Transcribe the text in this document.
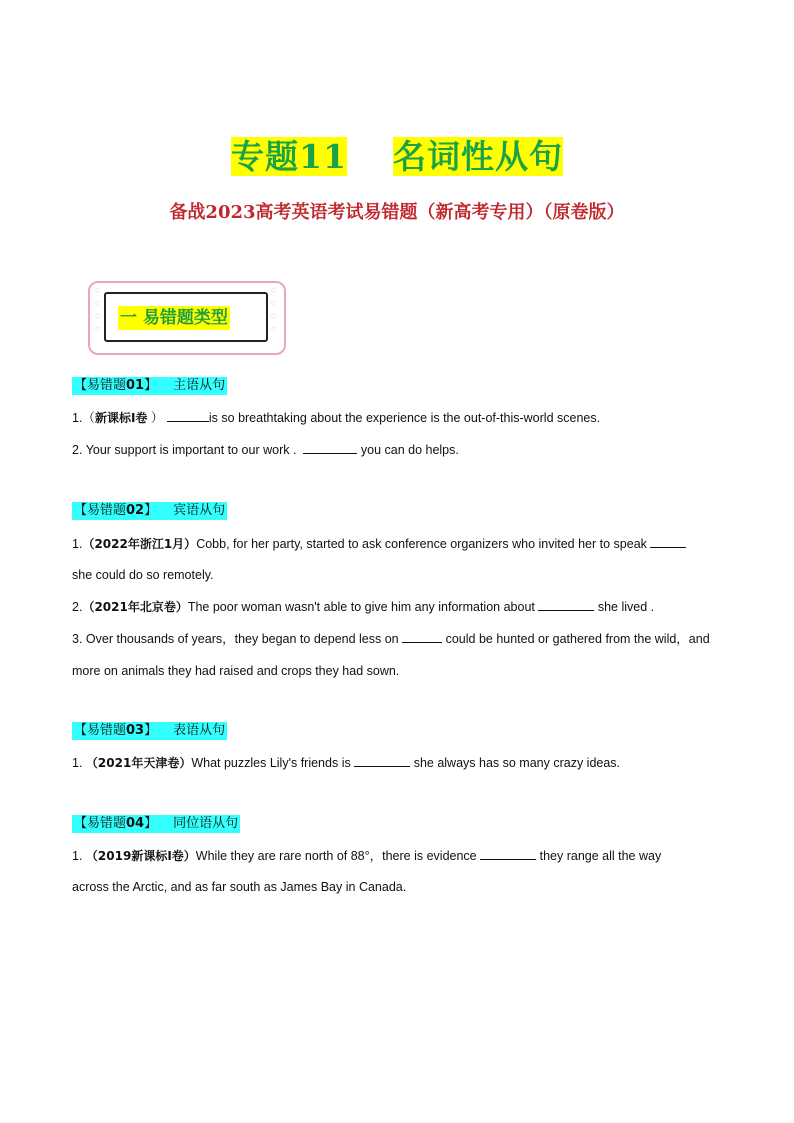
专题11 名词性从句
备战2023高考英语考试易错题（新高考专用）（原卷版）
♡
♡
♡
♡
♡
♡
♡
♡
一 易错题类型
【易错题01】 主语从句
1.（新课标Ⅰ卷 ）	is so breathtaking about the experience is the out-of-this-world scenes.
2. Your support is important to our work .	you can do helps.
【易错题02】 宾语从句
1.（2022年浙江1月）Cobb, for her party, started to ask conference organizers who invited her to speak
she could do so remotely.
2.（2021年北京卷）The poor woman wasn't able to give him any information about	she lived .
3. Over thousands of years，they began to depend less on	could be hunted or gathered from the wild，and
more on animals they had raised and crops they had sown.
【易错题03】 表语从句
1. （2021年天津卷）What puzzles Lily's friends is	she always has so many crazy ideas.
【易错题04】 同位语从句
1. （2019新课标Ⅰ卷）While they are rare north of 88°，there is evidence	they range all the way
across the Arctic, and as far south as James Bay in Canada.
